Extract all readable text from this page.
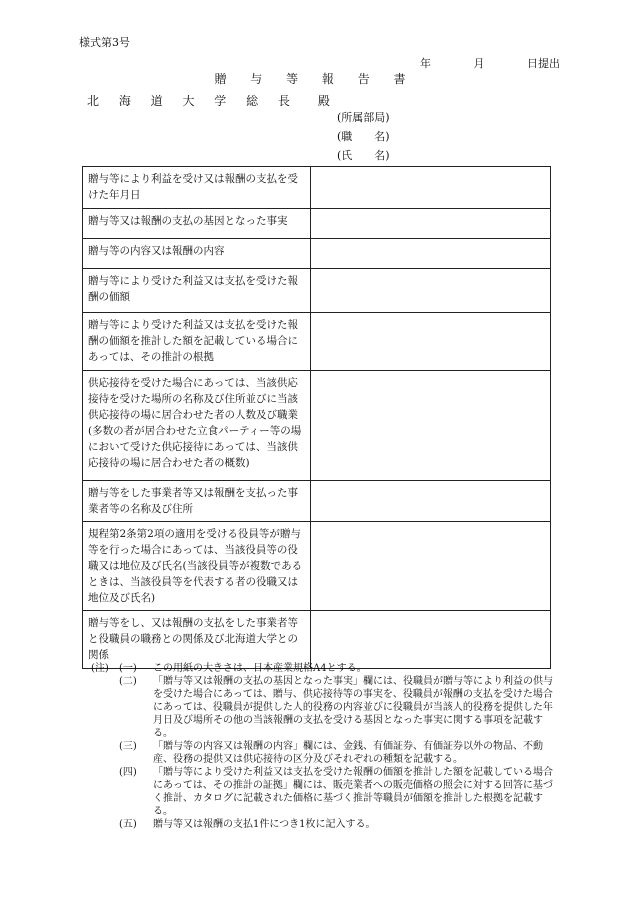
様式第3号
年	月	日提出
贈 与 等 報 告 書
北 海 道 大 学 総 長　殿
(所属部局)
(職　　名)
(氏　　名)
贈与等により利益を受け又は報酬の支払を受けた年月日	
贈与等又は報酬の支払の基因となった事実	
贈与等の内容又は報酬の内容	
贈与等により受けた利益又は支払を受けた報酬の価額	
贈与等により受けた利益又は支払を受けた報酬の価額を推計した額を記載している場合にあっては、その推計の根拠	
供応接待を受けた場合にあっては、当該供応接待を受けた場所の名称及び住所並びに当該供応接待の場に居合わせた者の人数及び職業(多数の者が居合わせた立食パーティー等の場において受けた供応接待にあっては、当該供応接待の場に居合わせた者の概数)	
贈与等をした事業者等又は報酬を支払った事業者等の名称及び住所	
規程第2条第2項の適用を受ける役員等が贈与等を行った場合にあっては、当該役員等の役職又は地位及び氏名(当該役員等が複数であるときは、当該役員等を代表する者の役職又は地位及び氏名)	
贈与等をし、又は報酬の支払をした事業者等と役職員の職務との関係及び北海道大学との関係	
(注) (一)	この用紙の大きさは、日本産業規格A4とする。
(二)	「贈与等又は報酬の支払の基因となった事実」欄には、役職員が贈与等により利益の供与を受けた場合にあっては、贈与、供応接待等の事実を、役職員が報酬の支払を受けた場合にあっては、役職員が提供した人的役務の内容並びに役職員が当該人的役務を提供した年月日及び場所その他の当該報酬の支払を受ける基因となった事実に関する事項を記載する。
(三)	「贈与等の内容又は報酬の内容」欄には、金銭、有価証券、有価証券以外の物品、不動産、役務の提供又は供応接待の区分及びそれぞれの種類を記載する。
(四)	「贈与等により受けた利益又は支払を受けた報酬の価額を推計した額を記載している場合にあっては、その推計の証拠」欄には、販売業者への販売価格の照会に対する回答に基づく推計、カタログに記載された価格に基づく推計等職員が価額を推計した根拠を記載する。
(五)	贈与等又は報酬の支払1件につき1枚に記入する。
